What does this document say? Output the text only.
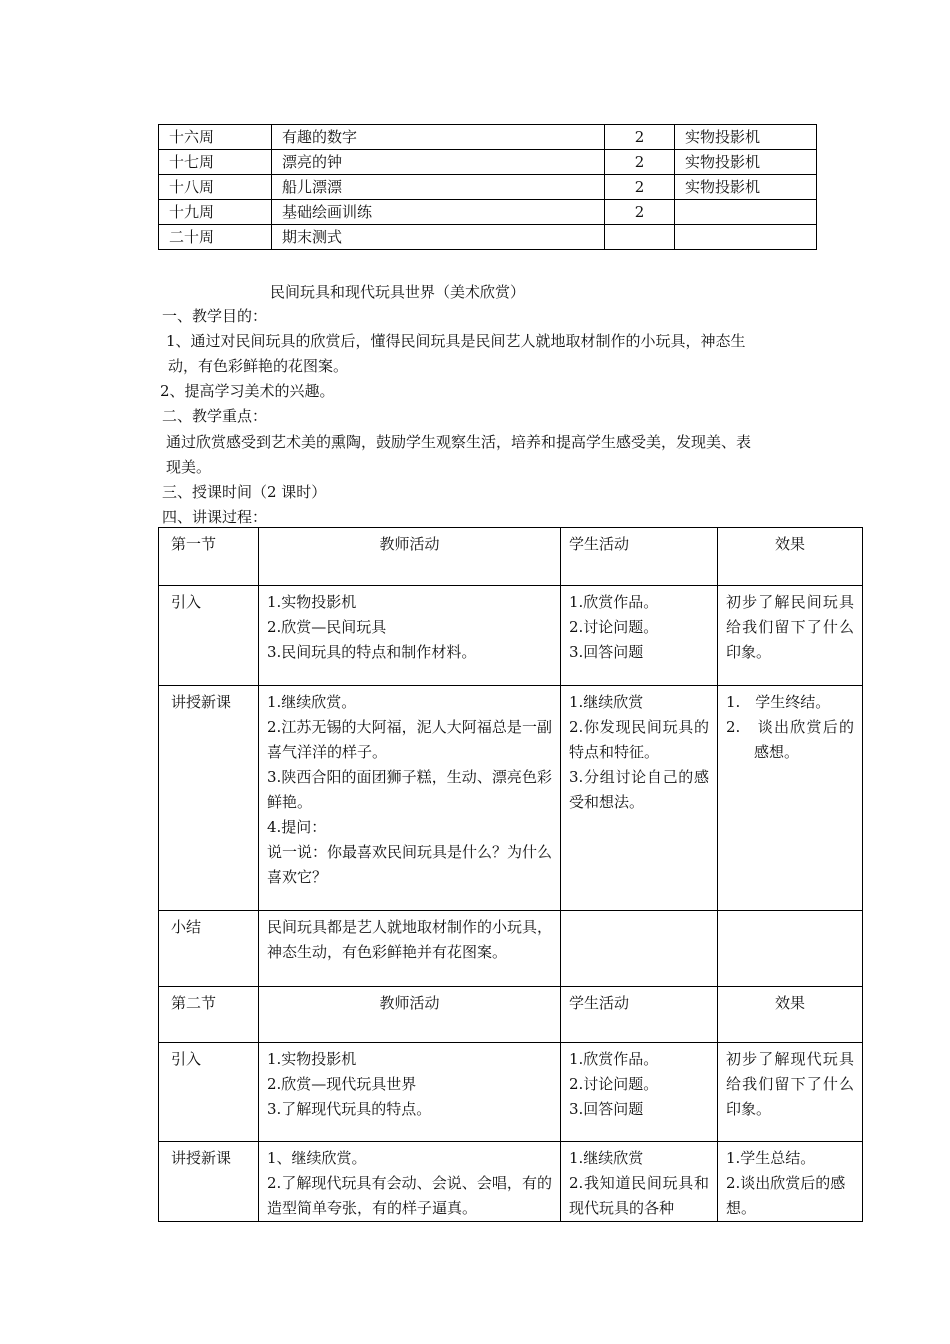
十六周	有趣的数字	2	实物投影机
十七周	漂亮的钟	2	实物投影机
十八周	船儿漂漂	2	实物投影机
十九周	基础绘画训练	2	
二十周	期末测式		
民间玩具和现代玩具世界（美术欣赏）
一、教学目的：
1、通过对民间玩具的欣赏后，懂得民间玩具是民间艺人就地取材制作的小玩具，神态生
动，有色彩鲜艳的花图案。
2、提高学习美术的兴趣。
二、教学重点：
通过欣赏感受到艺术美的熏陶，鼓励学生观察生活，培养和提高学生感受美，发现美、表
现美。
三、授课时间（2 课时）
四、讲课过程：
第一节	教师活动	学生活动	效果
引入	1.实物投影机
2.欣赏—民间玩具
3.民间玩具的特点和制作材料。	1.欣赏作品。
2.讨论问题。
3.回答问题	初步了解民间玩具给我们留下了什么印象。
讲授新课	1.继续欣赏。
2.江苏无锡的大阿福，泥人大阿福总是一副喜气洋洋的样子。
3.陕西合阳的面团狮子糕，生动、漂亮色彩鲜艳。
4.提问：
说一说：你最喜欢民间玩具是什么？为什么喜欢它？	1.继续欣赏
2.你发现民间玩具的特点和特征。
3.分组讨论自己的感受和想法。	1.　学生终结。
2.　谈出欣赏后的感想。

小结	民间玩具都是艺人就地取材制作的小玩具，神态生动，有色彩鲜艳并有花图案。		
第二节	教师活动	学生活动	效果
引入	1.实物投影机
2.欣赏—现代玩具世界
3.了解现代玩具的特点。	1.欣赏作品。
2.讨论问题。
3.回答问题	初步了解现代玩具给我们留下了什么印象。
讲授新课	1、继续欣赏。
2.了解现代玩具有会动、会说、会唱，有的造型简单夸张，有的样子逼真。	1.继续欣赏
2.我知道民间玩具和现代玩具的各种	1.学生总结。
2.谈出欣赏后的感想。
